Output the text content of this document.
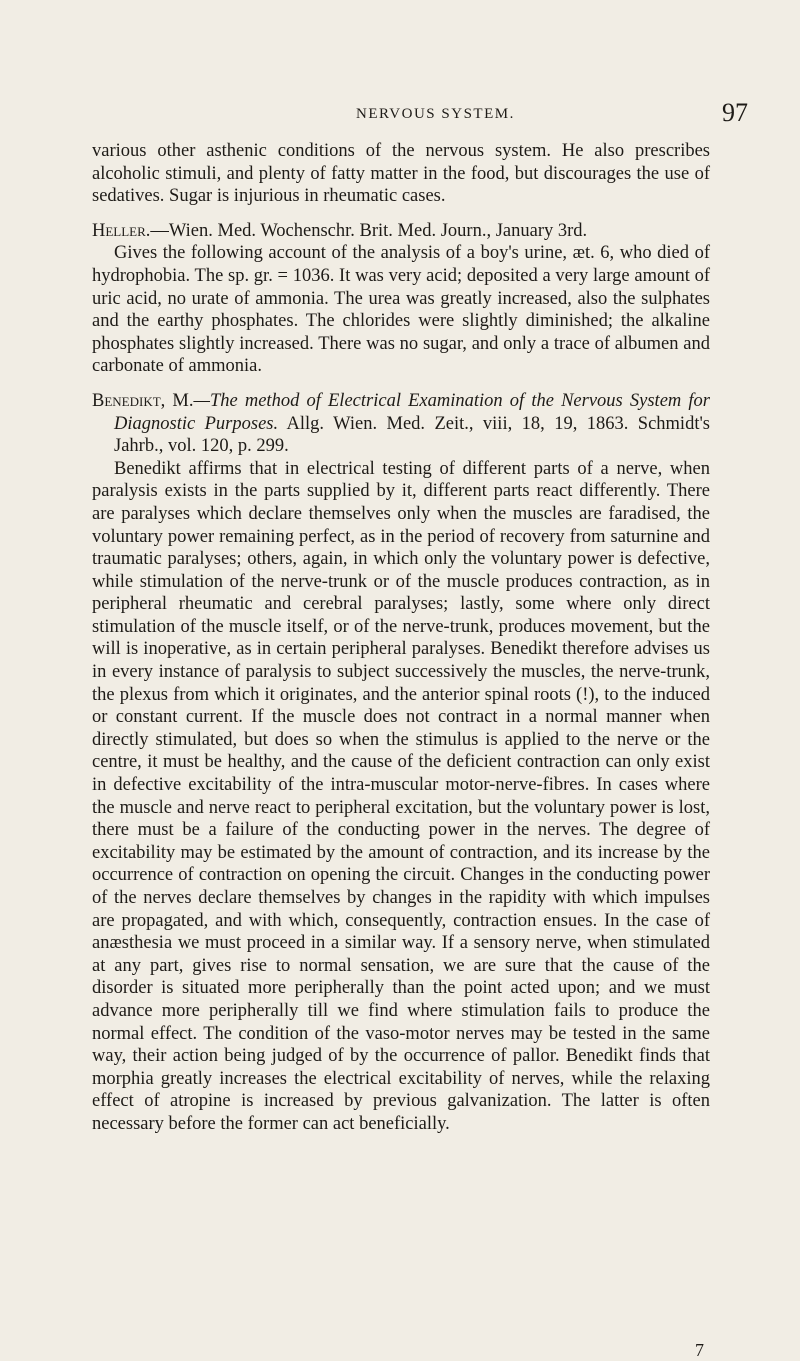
NERVOUS SYSTEM.	97

various other asthenic conditions of the nervous system. He also prescribes alcoholic stimuli, and plenty of fatty matter in the food, but discourages the use of sedatives. Sugar is injurious in rheumatic cases.

Heller.—Wien. Med. Wochenschr. Brit. Med. Journ., January 3rd.

Gives the following account of the analysis of a boy's urine, æt. 6, who died of hydrophobia. The sp. gr. = 1036. It was very acid; deposited a very large amount of uric acid, no urate of ammonia. The urea was greatly increased, also the sulphates and the earthy phosphates. The chlorides were slightly diminished; the alkaline phosphates slightly increased. There was no sugar, and only a trace of albumen and carbonate of ammonia.

Benedikt, M.—The method of Electrical Examination of the Nervous System for Diagnostic Purposes. Allg. Wien. Med. Zeit., viii, 18, 19, 1863. Schmidt's Jahrb., vol. 120, p. 299.

Benedikt affirms that in electrical testing of different parts of a nerve, when paralysis exists in the parts supplied by it, different parts react differently. There are paralyses which declare themselves only when the muscles are faradised, the voluntary power remaining perfect, as in the period of recovery from saturnine and traumatic paralyses; others, again, in which only the voluntary power is defective, while stimulation of the nerve-trunk or of the muscle produces contraction, as in peripheral rheumatic and cerebral paralyses; lastly, some where only direct stimulation of the muscle itself, or of the nerve-trunk, produces movement, but the will is inoperative, as in certain peripheral paralyses. Benedikt therefore advises us in every instance of paralysis to subject successively the muscles, the nerve-trunk, the plexus from which it originates, and the anterior spinal roots (!), to the induced or constant current. If the muscle does not contract in a normal manner when directly stimulated, but does so when the stimulus is applied to the nerve or the centre, it must be healthy, and the cause of the deficient contraction can only exist in defective excitability of the intra-muscular motor-nerve-fibres. In cases where the muscle and nerve react to peripheral excitation, but the voluntary power is lost, there must be a failure of the conducting power in the nerves. The degree of excitability may be estimated by the amount of contraction, and its increase by the occurrence of contraction on opening the circuit. Changes in the conducting power of the nerves declare themselves by changes in the rapidity with which impulses are propagated, and with which, consequently, contraction ensues. In the case of anæsthesia we must proceed in a similar way. If a sensory nerve, when stimulated at any part, gives rise to normal sensation, we are sure that the cause of the disorder is situated more peripherally than the point acted upon; and we must advance more peripherally till we find where stimulation fails to produce the normal effect. The condition of the vaso-motor nerves may be tested in the same way, their action being judged of by the occurrence of pallor. Benedikt finds that morphia greatly increases the electrical excitability of nerves, while the relaxing effect of atropine is increased by previous galvanization. The latter is often necessary before the former can act beneficially.

7
